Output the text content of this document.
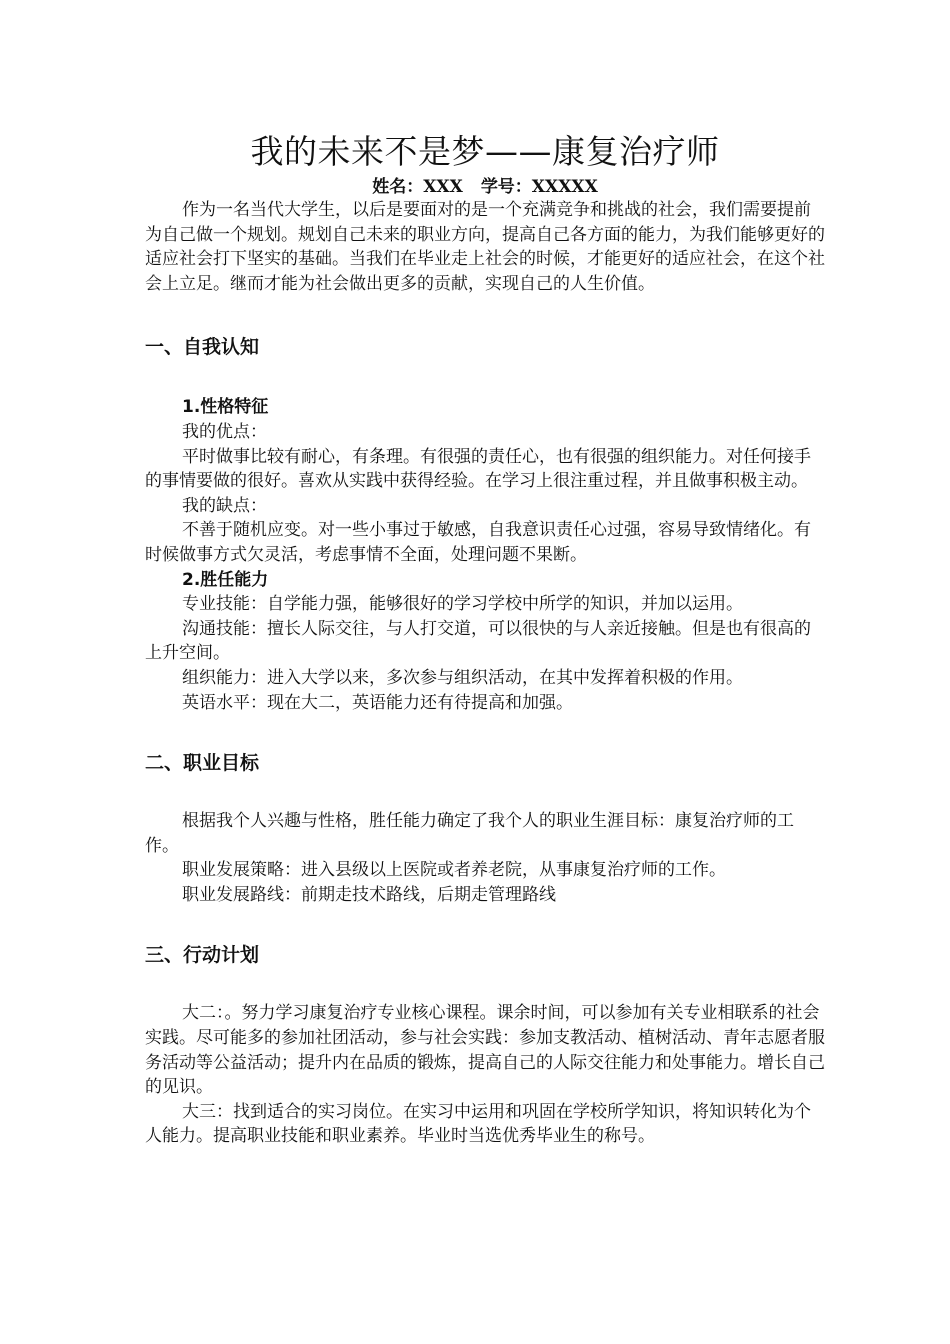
我的未来不是梦——康复治疗师
姓名：XXX 学号：XXXXX

作为一名当代大学生，以后是要面对的是一个充满竞争和挑战的社会，我们需要提前为自己做一个规划。规划自己未来的职业方向，提高自己各方面的能力，为我们能够更好的适应社会打下坚实的基础。当我们在毕业走上社会的时候，才能更好的适应社会，在这个社会上立足。继而才能为社会做出更多的贡献，实现自己的人生价值。

一、自我认知

1.性格特征

我的优点：

平时做事比较有耐心，有条理。有很强的责任心，也有很强的组织能力。对任何接手的事情要做的很好。喜欢从实践中获得经验。在学习上很注重过程，并且做事积极主动。

我的缺点：

不善于随机应变。对一些小事过于敏感，自我意识责任心过强，容易导致情绪化。有时候做事方式欠灵活，考虑事情不全面，处理问题不果断。

2.胜任能力

专业技能：自学能力强，能够很好的学习学校中所学的知识，并加以运用。

沟通技能：擅长人际交往，与人打交道，可以很快的与人亲近接触。但是也有很高的上升空间。

组织能力：进入大学以来，多次参与组织活动，在其中发挥着积极的作用。

英语水平：现在大二，英语能力还有待提高和加强。

二、职业目标

根据我个人兴趣与性格，胜任能力确定了我个人的职业生涯目标：康复治疗师的工作。

职业发展策略：进入县级以上医院或者养老院，从事康复治疗师的工作。

职业发展路线：前期走技术路线，后期走管理路线

三、行动计划

大二：。努力学习康复治疗专业核心课程。课余时间，可以参加有关专业相联系的社会实践。尽可能多的参加社团活动，参与社会实践：参加支教活动、植树活动、青年志愿者服务活动等公益活动；提升内在品质的锻炼，提高自己的人际交往能力和处事能力。增长自己的见识。

大三：找到适合的实习岗位。在实习中运用和巩固在学校所学知识，将知识转化为个人能力。提高职业技能和职业素养。毕业时当选优秀毕业生的称号。
